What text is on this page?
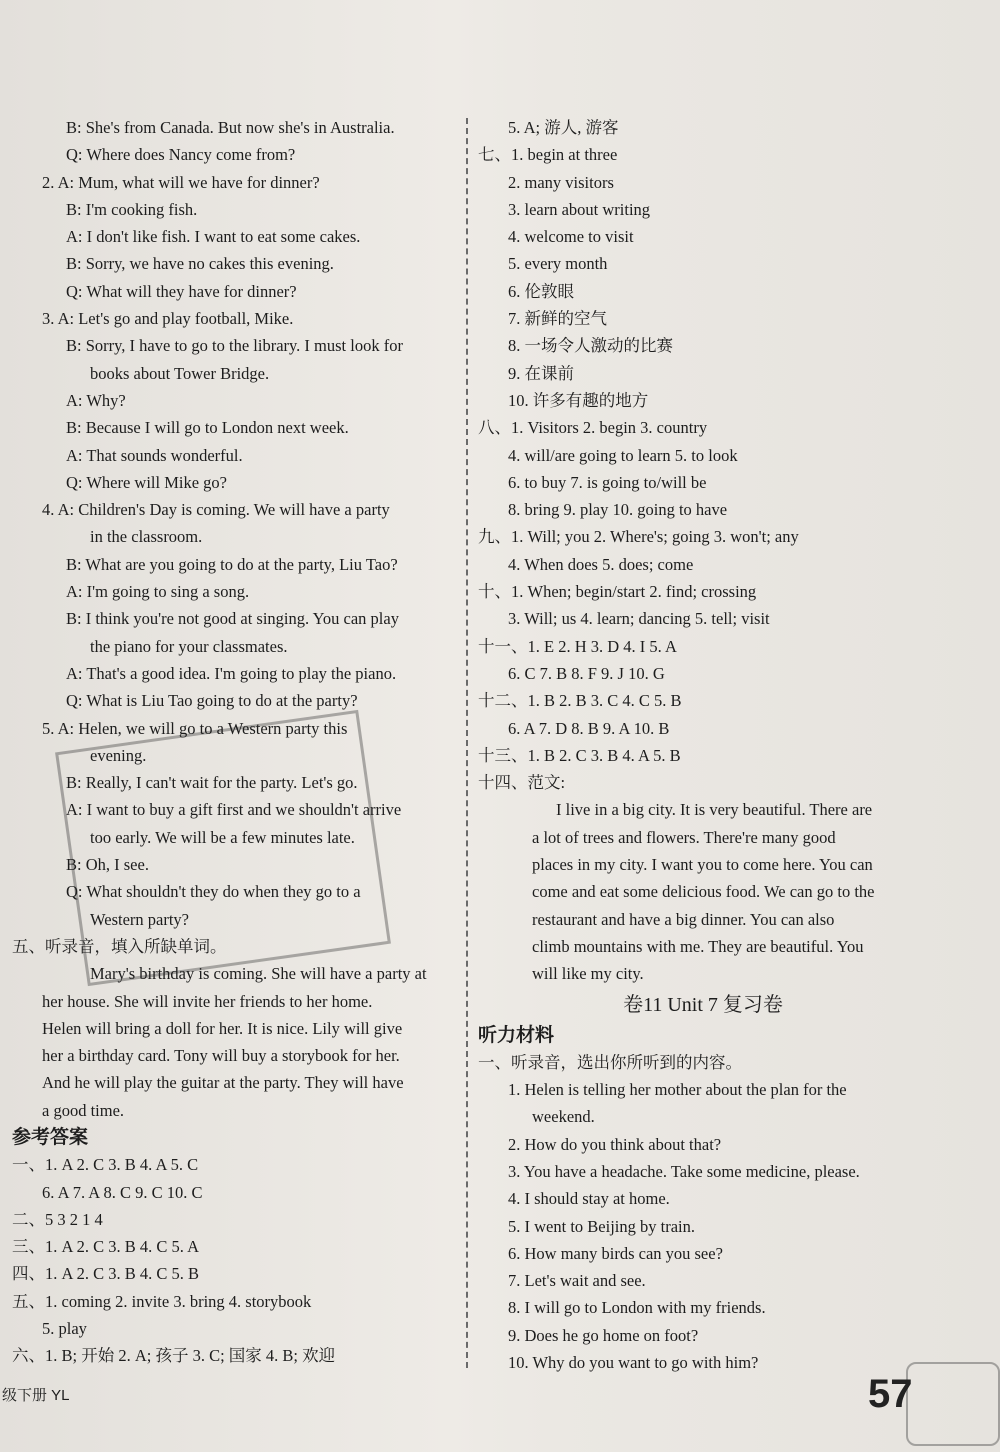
B: She's from Canada. But now she's in Australia.
Q: Where does Nancy come from?
2. A: Mum, what will we have for dinner?
B: I'm cooking fish.
A: I don't like fish. I want to eat some cakes.
B: Sorry, we have no cakes this evening.
Q: What will they have for dinner?
3. A: Let's go and play football, Mike.
B: Sorry, I have to go to the library. I must look for
books about Tower Bridge.
A: Why?
B: Because I will go to London next week.
A: That sounds wonderful.
Q: Where will Mike go?
4. A: Children's Day is coming. We will have a party
in the classroom.
B: What are you going to do at the party, Liu Tao?
A: I'm going to sing a song.
B: I think you're not good at singing. You can play
the piano for your classmates.
A: That's a good idea. I'm going to play the piano.
Q: What is Liu Tao going to do at the party?
5. A: Helen, we will go to a Western party this
evening.
B: Really, I can't wait for the party. Let's go.
A: I want to buy a gift first and we shouldn't arrive
too early. We will be a few minutes late.
B: Oh, I see.
Q: What shouldn't they do when they go to a
Western party?
五、听录音，填入所缺单词。
Mary's birthday is coming. She will have a party at
her house. She will invite her friends to her home.
Helen will bring a doll for her. It is nice. Lily will give
her a birthday card. Tony will buy a storybook for her.
And he will play the guitar at the party. They will have
a good time.
参考答案
一、1. A 2. C 3. B 4. A 5. C
6. A 7. A 8. C 9. C 10. C
二、5 3 2 1 4
三、1. A 2. C 3. B 4. C 5. A
四、1. A 2. C 3. B 4. C 5. B
五、1. coming 2. invite 3. bring 4. storybook
5. play
六、1. B; 开始 2. A; 孩子 3. C; 国家 4. B; 欢迎
5. A; 游人, 游客
七、1. begin at three
2. many visitors
3. learn about writing
4. welcome to visit
5. every month
6. 伦敦眼
7. 新鲜的空气
8. 一场令人激动的比赛
9. 在课前
10. 许多有趣的地方
八、1. Visitors 2. begin 3. country
4. will/are going to learn 5. to look
6. to buy 7. is going to/will be
8. bring 9. play 10. going to have
九、1. Will; you 2. Where's; going 3. won't; any
4. When does 5. does; come
十、1. When; begin/start 2. find; crossing
3. Will; us 4. learn; dancing 5. tell; visit
十一、1. E 2. H 3. D 4. I 5. A
6. C 7. B 8. F 9. J 10. G
十二、1. B 2. B 3. C 4. C 5. B
6. A 7. D 8. B 9. A 10. B
十三、1. B 2. C 3. B 4. A 5. B
十四、范文:
I live in a big city. It is very beautiful. There are
a lot of trees and flowers. There're many good
places in my city. I want you to come here. You can
come and eat some delicious food. We can go to the
restaurant and have a big dinner. You can also
climb mountains with me. They are beautiful. You
will like my city.
卷11 Unit 7 复习卷
听力材料
一、听录音，选出你所听到的内容。
1. Helen is telling her mother about the plan for the
weekend.
2. How do you think about that?
3. You have a headache. Take some medicine, please.
4. I should stay at home.
5. I went to Beijing by train.
6. How many birds can you see?
7. Let's wait and see.
8. I will go to London with my friends.
9. Does he go home on foot?
10. Why do you want to go with him?
级下册 YL	57
